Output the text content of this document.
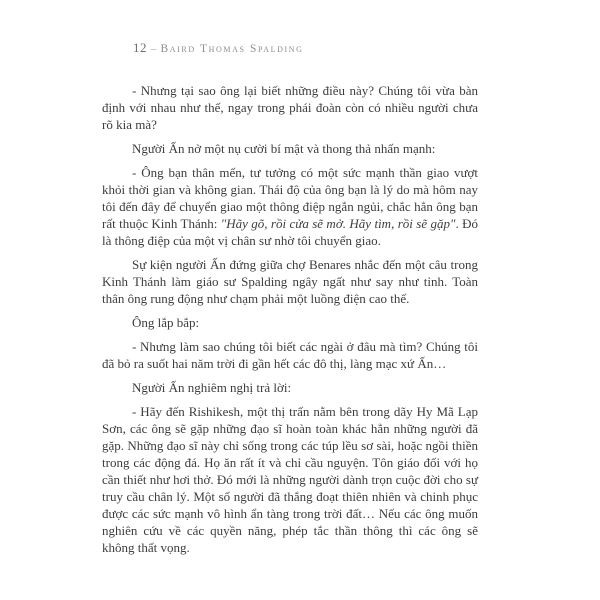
12 – Baird Thomas Spalding

- Nhưng tại sao ông lại biết những điều này? Chúng tôi vừa bàn định với nhau như thế, ngay trong phái đoàn còn có nhiều người chưa rõ kia mà?

Người Ấn nở một nụ cười bí mật và thong thả nhấn mạnh:

- Ông bạn thân mến, tư tưởng có một sức mạnh thần giao vượt khỏi thời gian và không gian. Thái độ của ông bạn là lý do mà hôm nay tôi đến đây để chuyển giao một thông điệp ngắn ngủi, chắc hẳn ông bạn rất thuộc Kinh Thánh: "Hãy gõ, rồi cửa sẽ mở. Hãy tìm, rồi sẽ gặp". Đó là thông điệp của một vị chân sư nhờ tôi chuyển giao.

Sự kiện người Ấn đứng giữa chợ Benares nhắc đến một câu trong Kinh Thánh làm giáo sư Spalding ngây ngất như say như tỉnh. Toàn thân ông rung động như chạm phải một luồng điện cao thế.

Ông lắp bắp:

- Nhưng làm sao chúng tôi biết các ngài ở đâu mà tìm? Chúng tôi đã bỏ ra suốt hai năm trời đi gần hết các đô thị, làng mạc xứ Ấn…

Người Ấn nghiêm nghị trả lời:

- Hãy đến Rishikesh, một thị trấn nằm bên trong dãy Hy Mã Lạp Sơn, các ông sẽ gặp những đạo sĩ hoàn toàn khác hẳn những người đã gặp. Những đạo sĩ này chỉ sống trong các túp lều sơ sài, hoặc ngồi thiền trong các động đá. Họ ăn rất ít và chỉ cầu nguyện. Tôn giáo đối với họ cần thiết như hơi thở. Đó mới là những người dành trọn cuộc đời cho sự truy cầu chân lý. Một số người đã thắng đoạt thiên nhiên và chinh phục được các sức mạnh vô hình ẩn tàng trong trời đất… Nếu các ông muốn nghiên cứu về các quyền năng, phép tắc thần thông thì các ông sẽ không thất vọng.
